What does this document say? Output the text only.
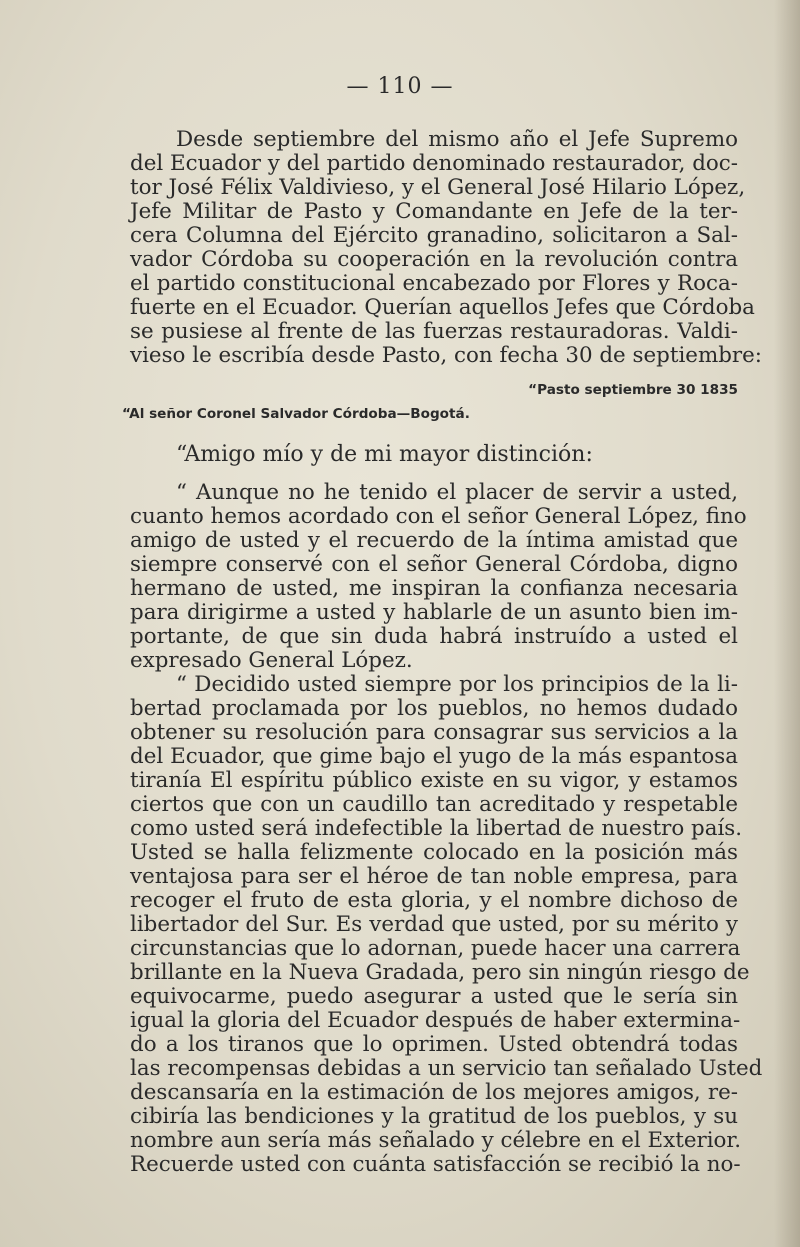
— 110 —
Desde septiembre del mismo año el Jefe Supremo
del Ecuador y del partido denominado restaurador, doc-
tor José Félix Valdivieso, y el General José Hilario López,
Jefe Militar de Pasto y Comandante en Jefe de la ter-
cera Columna del Ejército granadino, solicitaron a Sal-
vador Córdoba su cooperación en la revolución contra
el partido constitucional encabezado por Flores y Roca-
fuerte en el Ecuador. Querían aquellos Jefes que Córdoba
se pusiese al frente de las fuerzas restauradoras. Valdi-
vieso le escribía desde Pasto, con fecha 30 de septiembre:
“Pasto septiembre 30 1835
“Al señor Coronel Salvador Córdoba—Bogotá.
“Amigo mío y de mi mayor distinción:
“ Aunque no he tenido el placer de servir a usted,
cuanto hemos acordado con el señor General López, fino
amigo de usted y el recuerdo de la íntima amistad que
siempre conservé con el señor General Córdoba, digno
hermano de usted, me inspiran la confianza necesaria
para dirigirme a usted y hablarle de un asunto bien im-
portante, de que sin duda habrá instruído a usted el
expresado General López.
“ Decidido usted siempre por los principios de la li-
bertad proclamada por los pueblos, no hemos dudado
obtener su resolución para consagrar sus servicios a la
del Ecuador, que gime bajo el yugo de la más espantosa
tiranía El espíritu público existe en su vigor, y estamos
ciertos que con un caudillo tan acreditado y respetable
como usted será indefectible la libertad de nuestro país.
Usted se halla felizmente colocado en la posición más
ventajosa para ser el héroe de tan noble empresa, para
recoger el fruto de esta gloria, y el nombre dichoso de
libertador del Sur. Es verdad que usted, por su mérito y
circunstancias que lo adornan, puede hacer una carrera
brillante en la Nueva Gradada, pero sin ningún riesgo de
equivocarme, puedo asegurar a usted que le sería sin
igual la gloria del Ecuador después de haber extermina-
do a los tiranos que lo oprimen. Usted obtendrá todas
las recompensas debidas a un servicio tan señalado Usted
descansaría en la estimación de los mejores amigos, re-
cibiría las bendiciones y la gratitud de los pueblos, y su
nombre aun sería más señalado y célebre en el Exterior.
Recuerde usted con cuánta satisfacción se recibió la no-
